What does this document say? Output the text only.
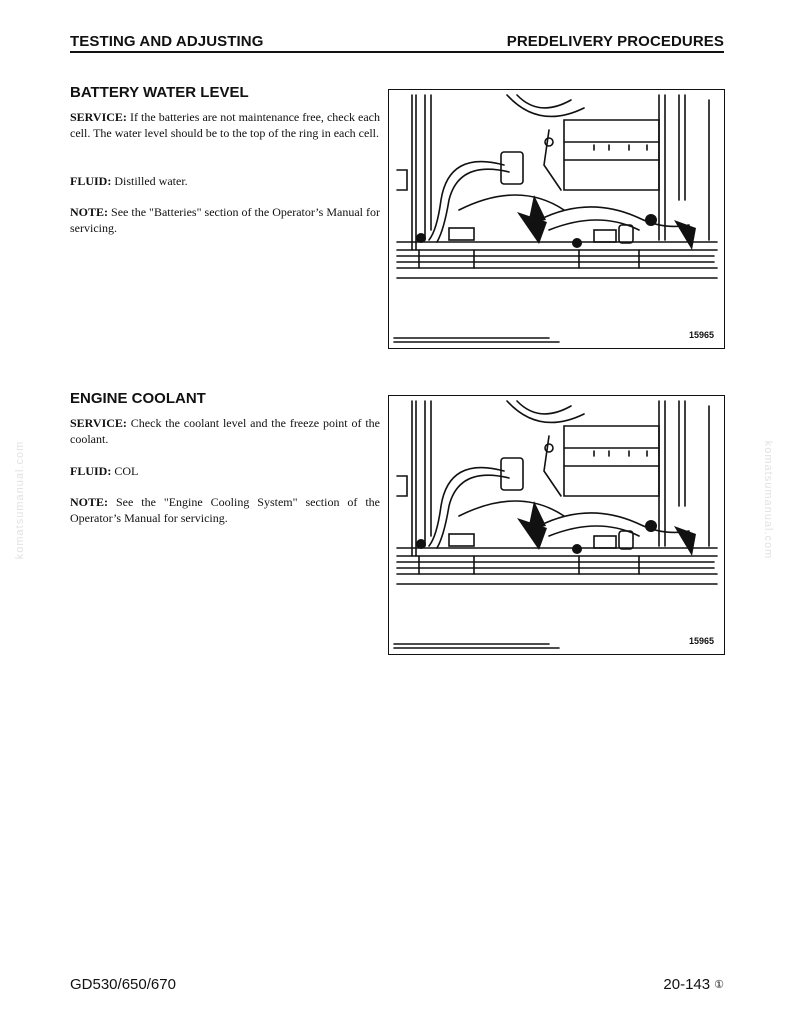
TESTING AND ADJUSTING	PREDELIVERY PROCEDURES
BATTERY WATER LEVEL
SERVICE: If the batteries are not maintenance free, check each cell. The water level should be to the top of the ring in each cell.
FLUID: Distilled water.
NOTE: See the "Batteries" section of the Operator’s Manual for servicing.
15965
ENGINE COOLANT
SERVICE: Check the coolant level and the freeze point of the coolant.
FLUID: COL
NOTE: See the "Engine Cooling System" section of the Operator’s Manual for servicing.
15965
komatsumanual.com	komatsumanual.com
GD530/650/670	20-143 ①
